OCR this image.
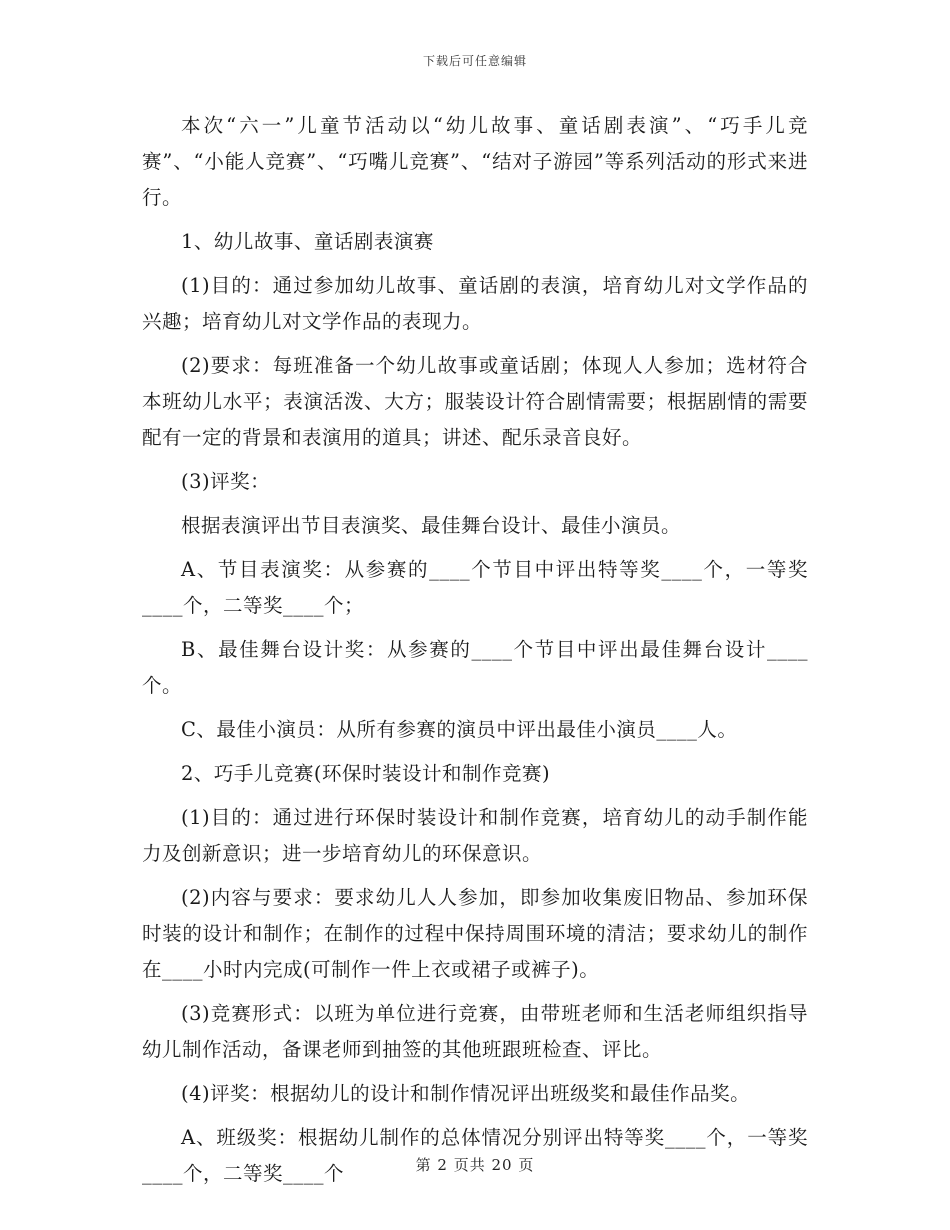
下载后可任意编辑

本次“六一”儿童节活动以“幼儿故事、童话剧表演”、“巧手儿竞赛”、“小能人竞赛”、“巧嘴儿竞赛”、“结对子游园”等系列活动的形式来进行。

1、幼儿故事、童话剧表演赛

(1)目的：通过参加幼儿故事、童话剧的表演，培育幼儿对文学作品的兴趣；培育幼儿对文学作品的表现力。

(2)要求：每班准备一个幼儿故事或童话剧；体现人人参加；选材符合本班幼儿水平；表演活泼、大方；服装设计符合剧情需要；根据剧情的需要配有一定的背景和表演用的道具；讲述、配乐录音良好。

(3)评奖：

根据表演评出节目表演奖、最佳舞台设计、最佳小演员。

A、节目表演奖：从参赛的____个节目中评出特等奖____个，一等奖____个，二等奖____个；

B、最佳舞台设计奖：从参赛的____个节目中评出最佳舞台设计____个。

C、最佳小演员：从所有参赛的演员中评出最佳小演员____人。

2、巧手儿竞赛(环保时装设计和制作竞赛)

(1)目的：通过进行环保时装设计和制作竞赛，培育幼儿的动手制作能力及创新意识；进一步培育幼儿的环保意识。

(2)内容与要求：要求幼儿人人参加，即参加收集废旧物品、参加环保时装的设计和制作；在制作的过程中保持周围环境的清洁；要求幼儿的制作在____小时内完成(可制作一件上衣或裙子或裤子)。

(3)竞赛形式：以班为单位进行竞赛，由带班老师和生活老师组织指导幼儿制作活动，备课老师到抽签的其他班跟班检查、评比。

(4)评奖：根据幼儿的设计和制作情况评出班级奖和最佳作品奖。

A、班级奖：根据幼儿制作的总体情况分别评出特等奖____个，一等奖____个，二等奖____个	第 2 页共 20 页
